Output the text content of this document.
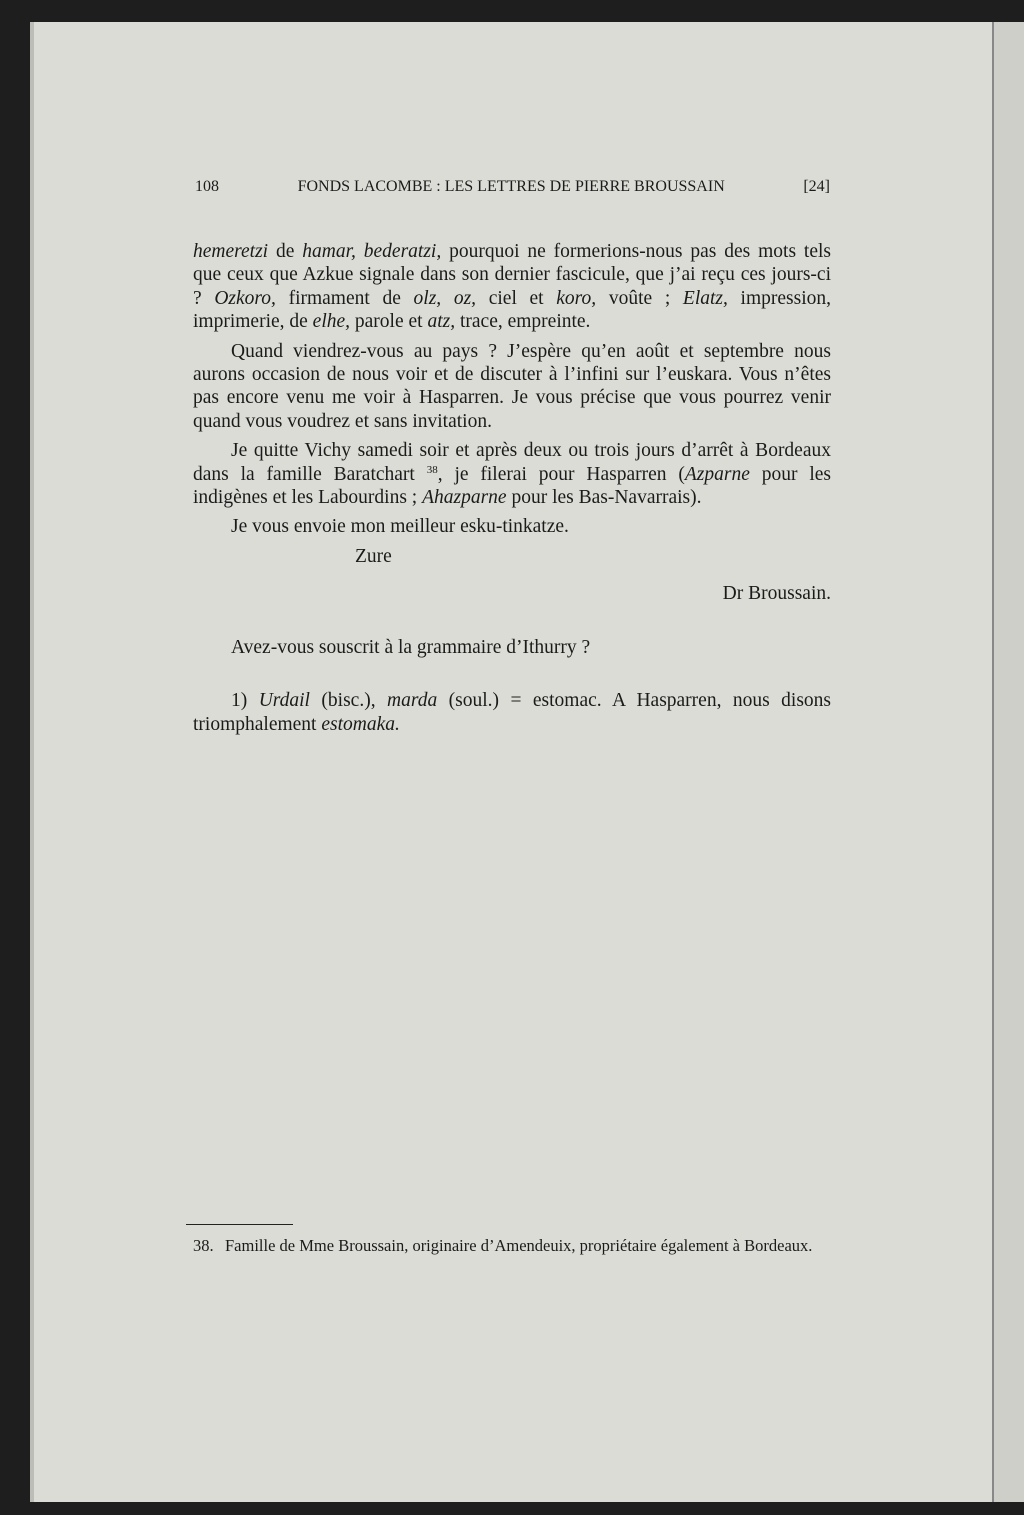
108	FONDS LACOMBE : LES LETTRES DE PIERRE BROUSSAIN	[24]

hemeretzi de hamar, bederatzi, pourquoi ne formerions-nous pas des mots tels que ceux que Azkue signale dans son dernier fascicule, que j’ai reçu ces jours-ci ? Ozkoro, firmament de olz, oz, ciel et koro, voûte ; Elatz, impression, imprimerie, de elhe, parole et atz, trace, empreinte.

Quand viendrez-vous au pays ? J’espère qu’en août et septembre nous aurons occasion de nous voir et de discuter à l’infini sur l’euskara. Vous n’êtes pas encore venu me voir à Hasparren. Je vous précise que vous pourrez venir quand vous voudrez et sans invitation.

Je quitte Vichy samedi soir et après deux ou trois jours d’arrêt à Bordeaux dans la famille Baratchart $^{38}$, je filerai pour Hasparren (Azparne pour les indigènes et les Labourdins ; Ahazparne pour les Bas-Navarrais).

Je vous envoie mon meilleur esku-tinkatze.

Zure
Dr Broussain.

Avez-vous souscrit à la grammaire d’Ithurry ?

1) Urdail (bisc.), marda (soul.) = estomac. A Hasparren, nous disons triomphalement estomaka.

38. Famille de Mme Broussain, originaire d’Amendeuix, propriétaire également à Bordeaux.
